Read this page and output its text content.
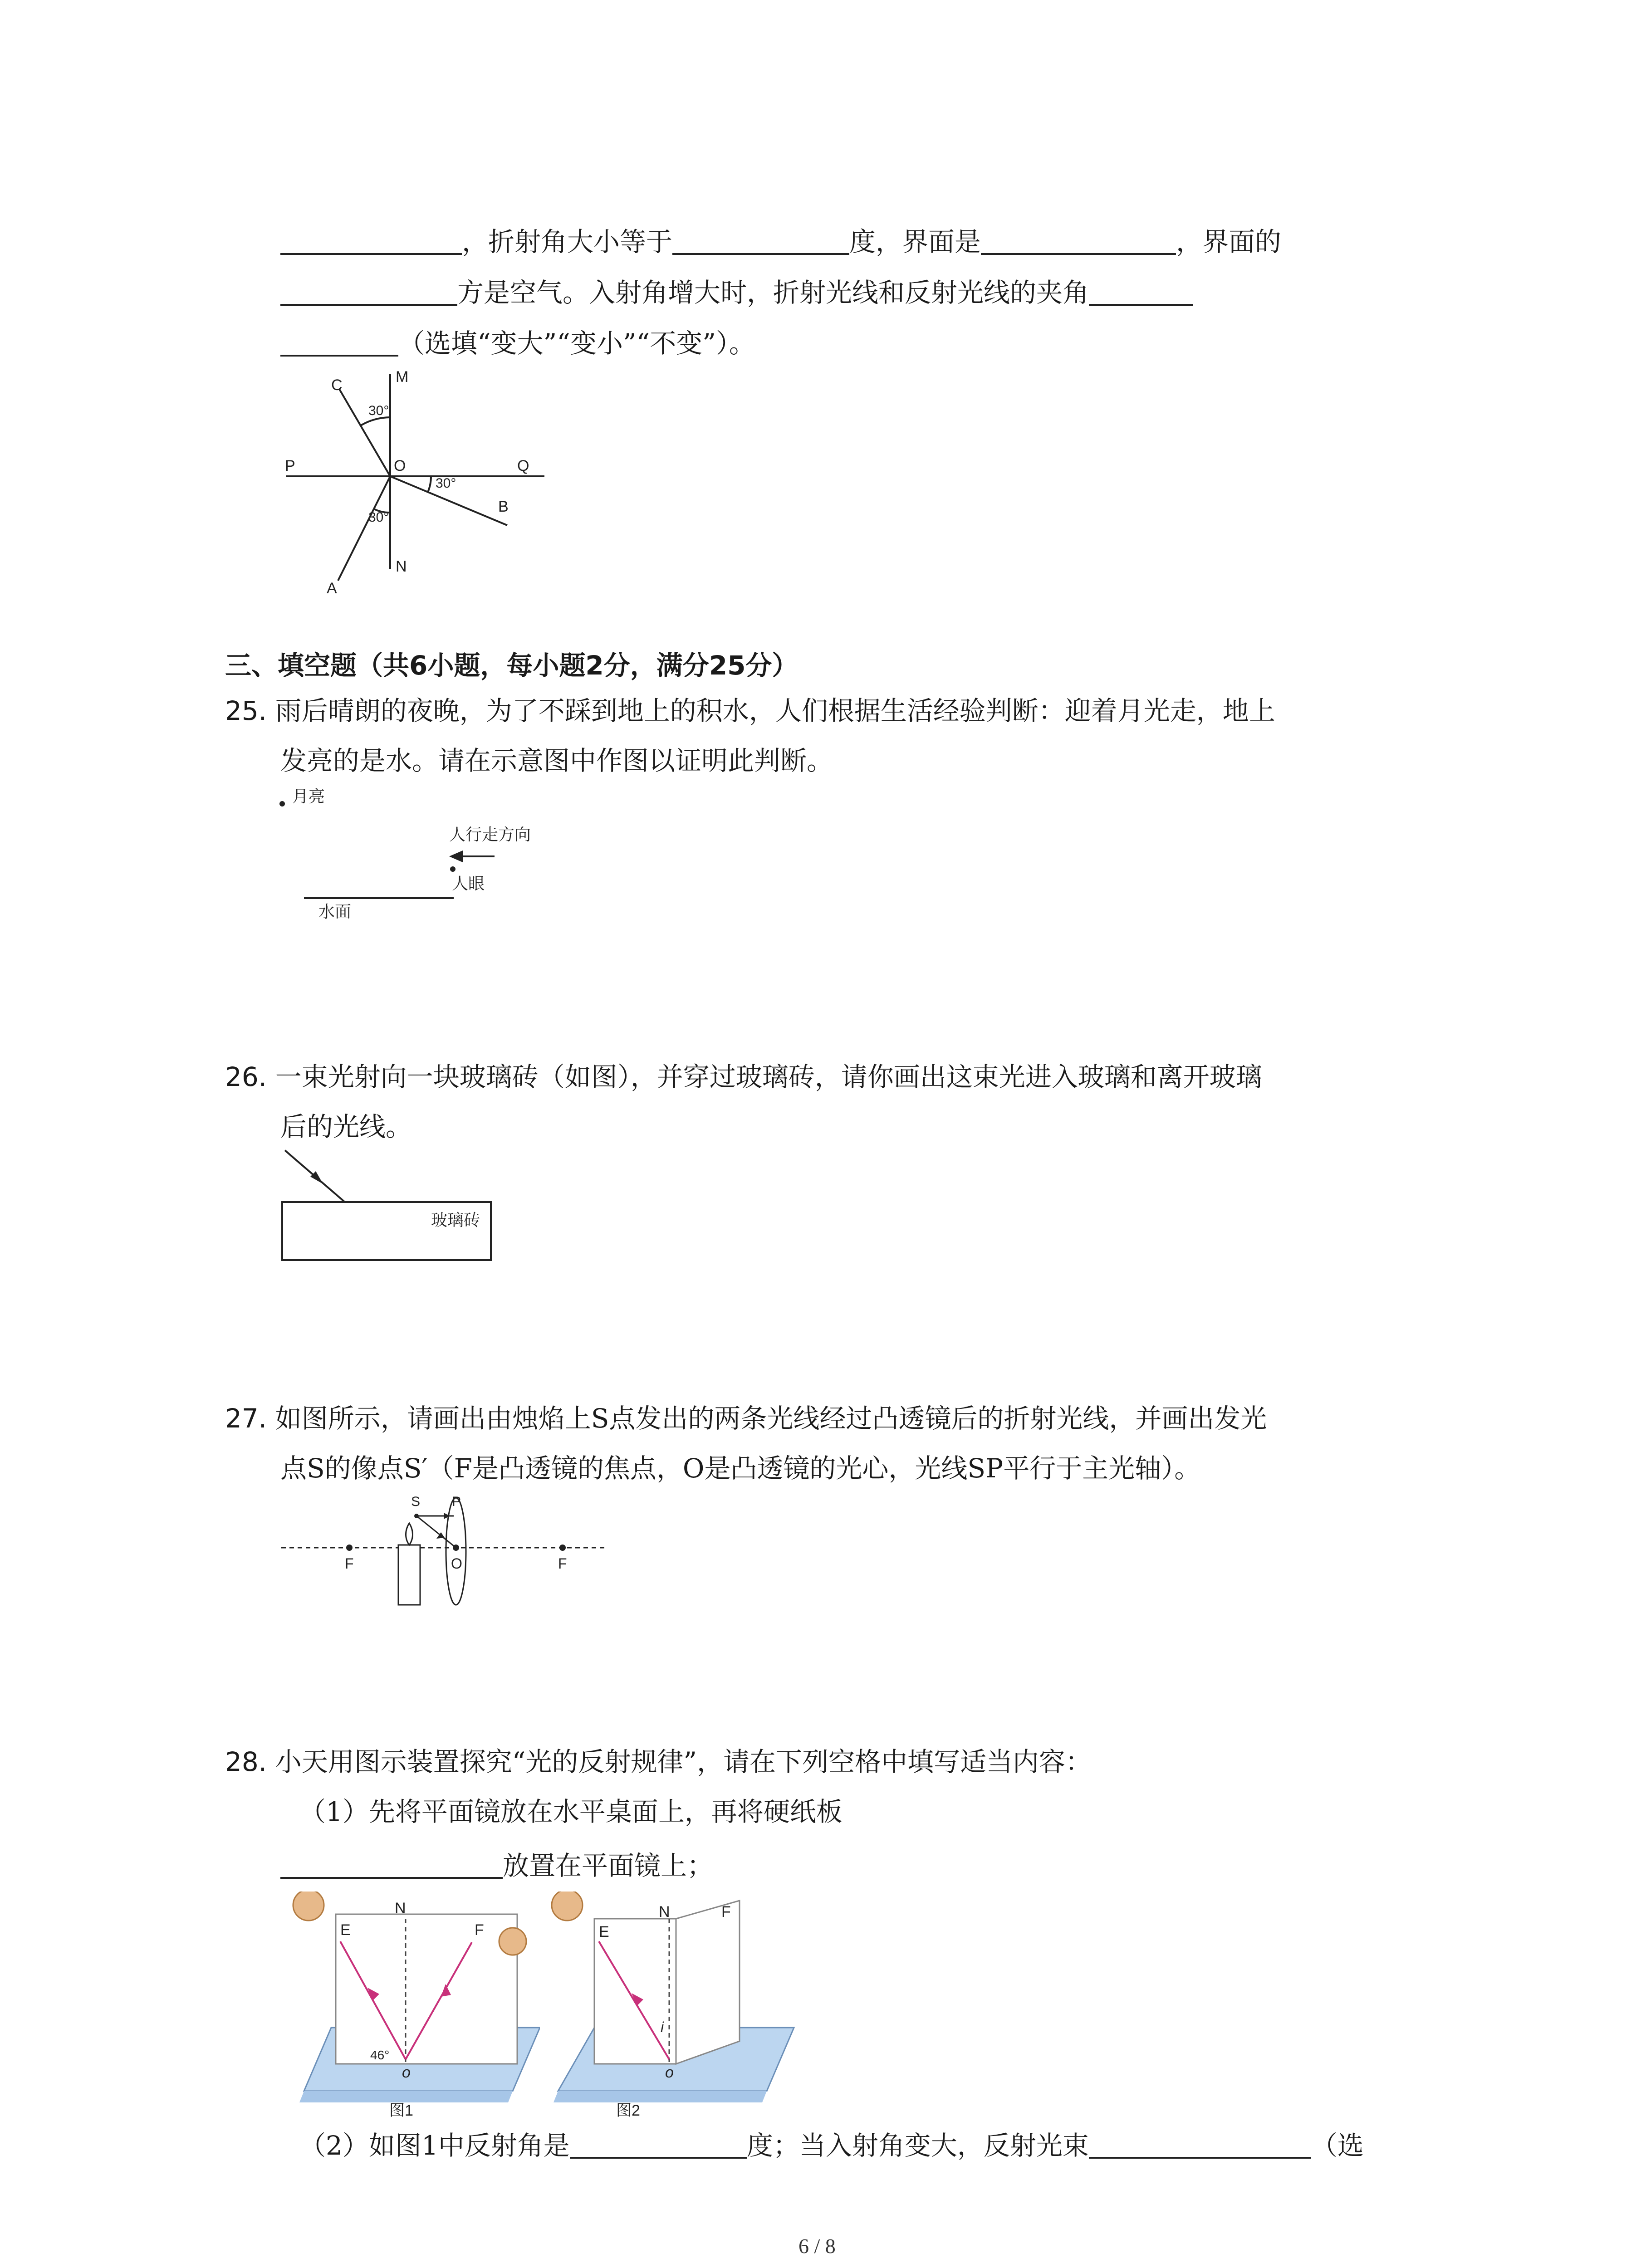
，折射角大小等于	度，界面是	，界面的
方是空气。入射角增大时，折射光线和反射光线的夹角
（选填“变大”“变小”“不变”）。
C	M
P	O	Q
B
A
N
30°
30°
30°
三、填空题（共6小题，每小题2分，满分25分）
25. 雨后晴朗的夜晚，为了不踩到地上的积水，人们根据生活经验判断：迎着月光走，地上
发亮的是水。请在示意图中作图以证明此判断。
月亮
人行走方向
人眼
水面
26. 一束光射向一块玻璃砖（如图），并穿过玻璃砖，请你画出这束光进入玻璃和离开玻璃
后的光线。
玻璃砖
27. 如图所示，请画出由烛焰上S点发出的两条光线经过凸透镜后的折射光线，并画出发光
点S的像点S′（F是凸透镜的焦点，O是凸透镜的光心，光线SP平行于主光轴）。
F	O	F
S P
28. 小天用图示装置探究“光的反射规律”，请在下列空格中填写适当内容：
（1）先将平面镜放在水平桌面上，再将硬纸板
放置在平面镜上；
E
N
F
46°
o
图1
E
N	F
i
o
图2
（2）如图1中反射角是	度；当入射角变大，反射光束	（选
6 / 8
